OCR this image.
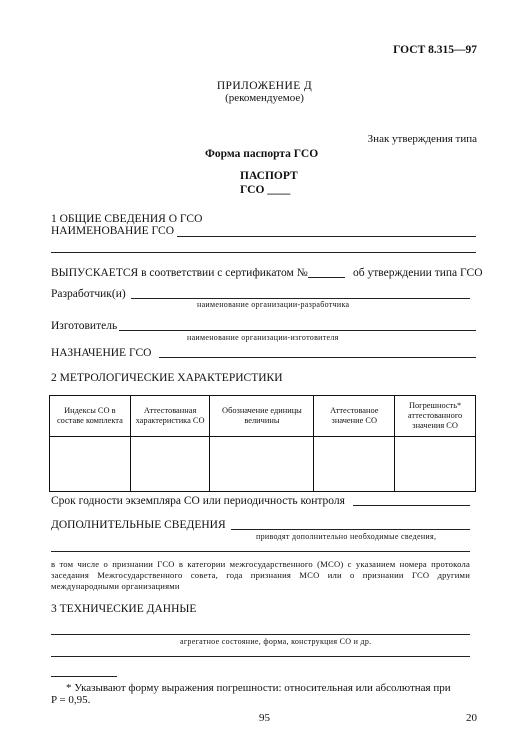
ГОСТ 8.315—97
ПРИЛОЖЕНИЕ Д
(рекомендуемое)
Знак утверждения типа
Форма паспорта ГСО
ПАСПОРТ
ГСО ____
1 ОБЩИЕ СВЕДЕНИЯ О ГСО
НАИМЕНОВАНИЕ ГСО
ВЫПУСКАЕТСЯ в соответствии с сертификатом №	об утверждении типа ГСО
Разработчик(и)
наименование организации-разработчика
Изготовитель
наименование организации-изготовителя
НАЗНАЧЕНИЕ ГСО
2 МЕТРОЛОГИЧЕСКИЕ ХАРАКТЕРИСТИКИ
Индексы СО в составе комплекта	Аттестованная характеристика СО	Обозначение единицы величины	Аттестованое значение СО	Погрешность* аттестованного значения СО

Срок годности экземпляра СО или периодичность контроля
ДОПОЛНИТЕЛЬНЫЕ СВЕДЕНИЯ
приводят дополнительно необходимые сведения,
в том числе о признании ГСО в категории межгосударственного (МСО) с указанием номера протокола заседания Межгосударственного совета, года признания МСО или о признании ГСО другими международными организациями
3 ТЕХНИЧЕСКИЕ ДАННЫЕ
агрегатное состояние, форма, конструкция СО и др.
* Указывают форму выражения погрешности: относительная или абсолютная при
P = 0,95.
95	20
